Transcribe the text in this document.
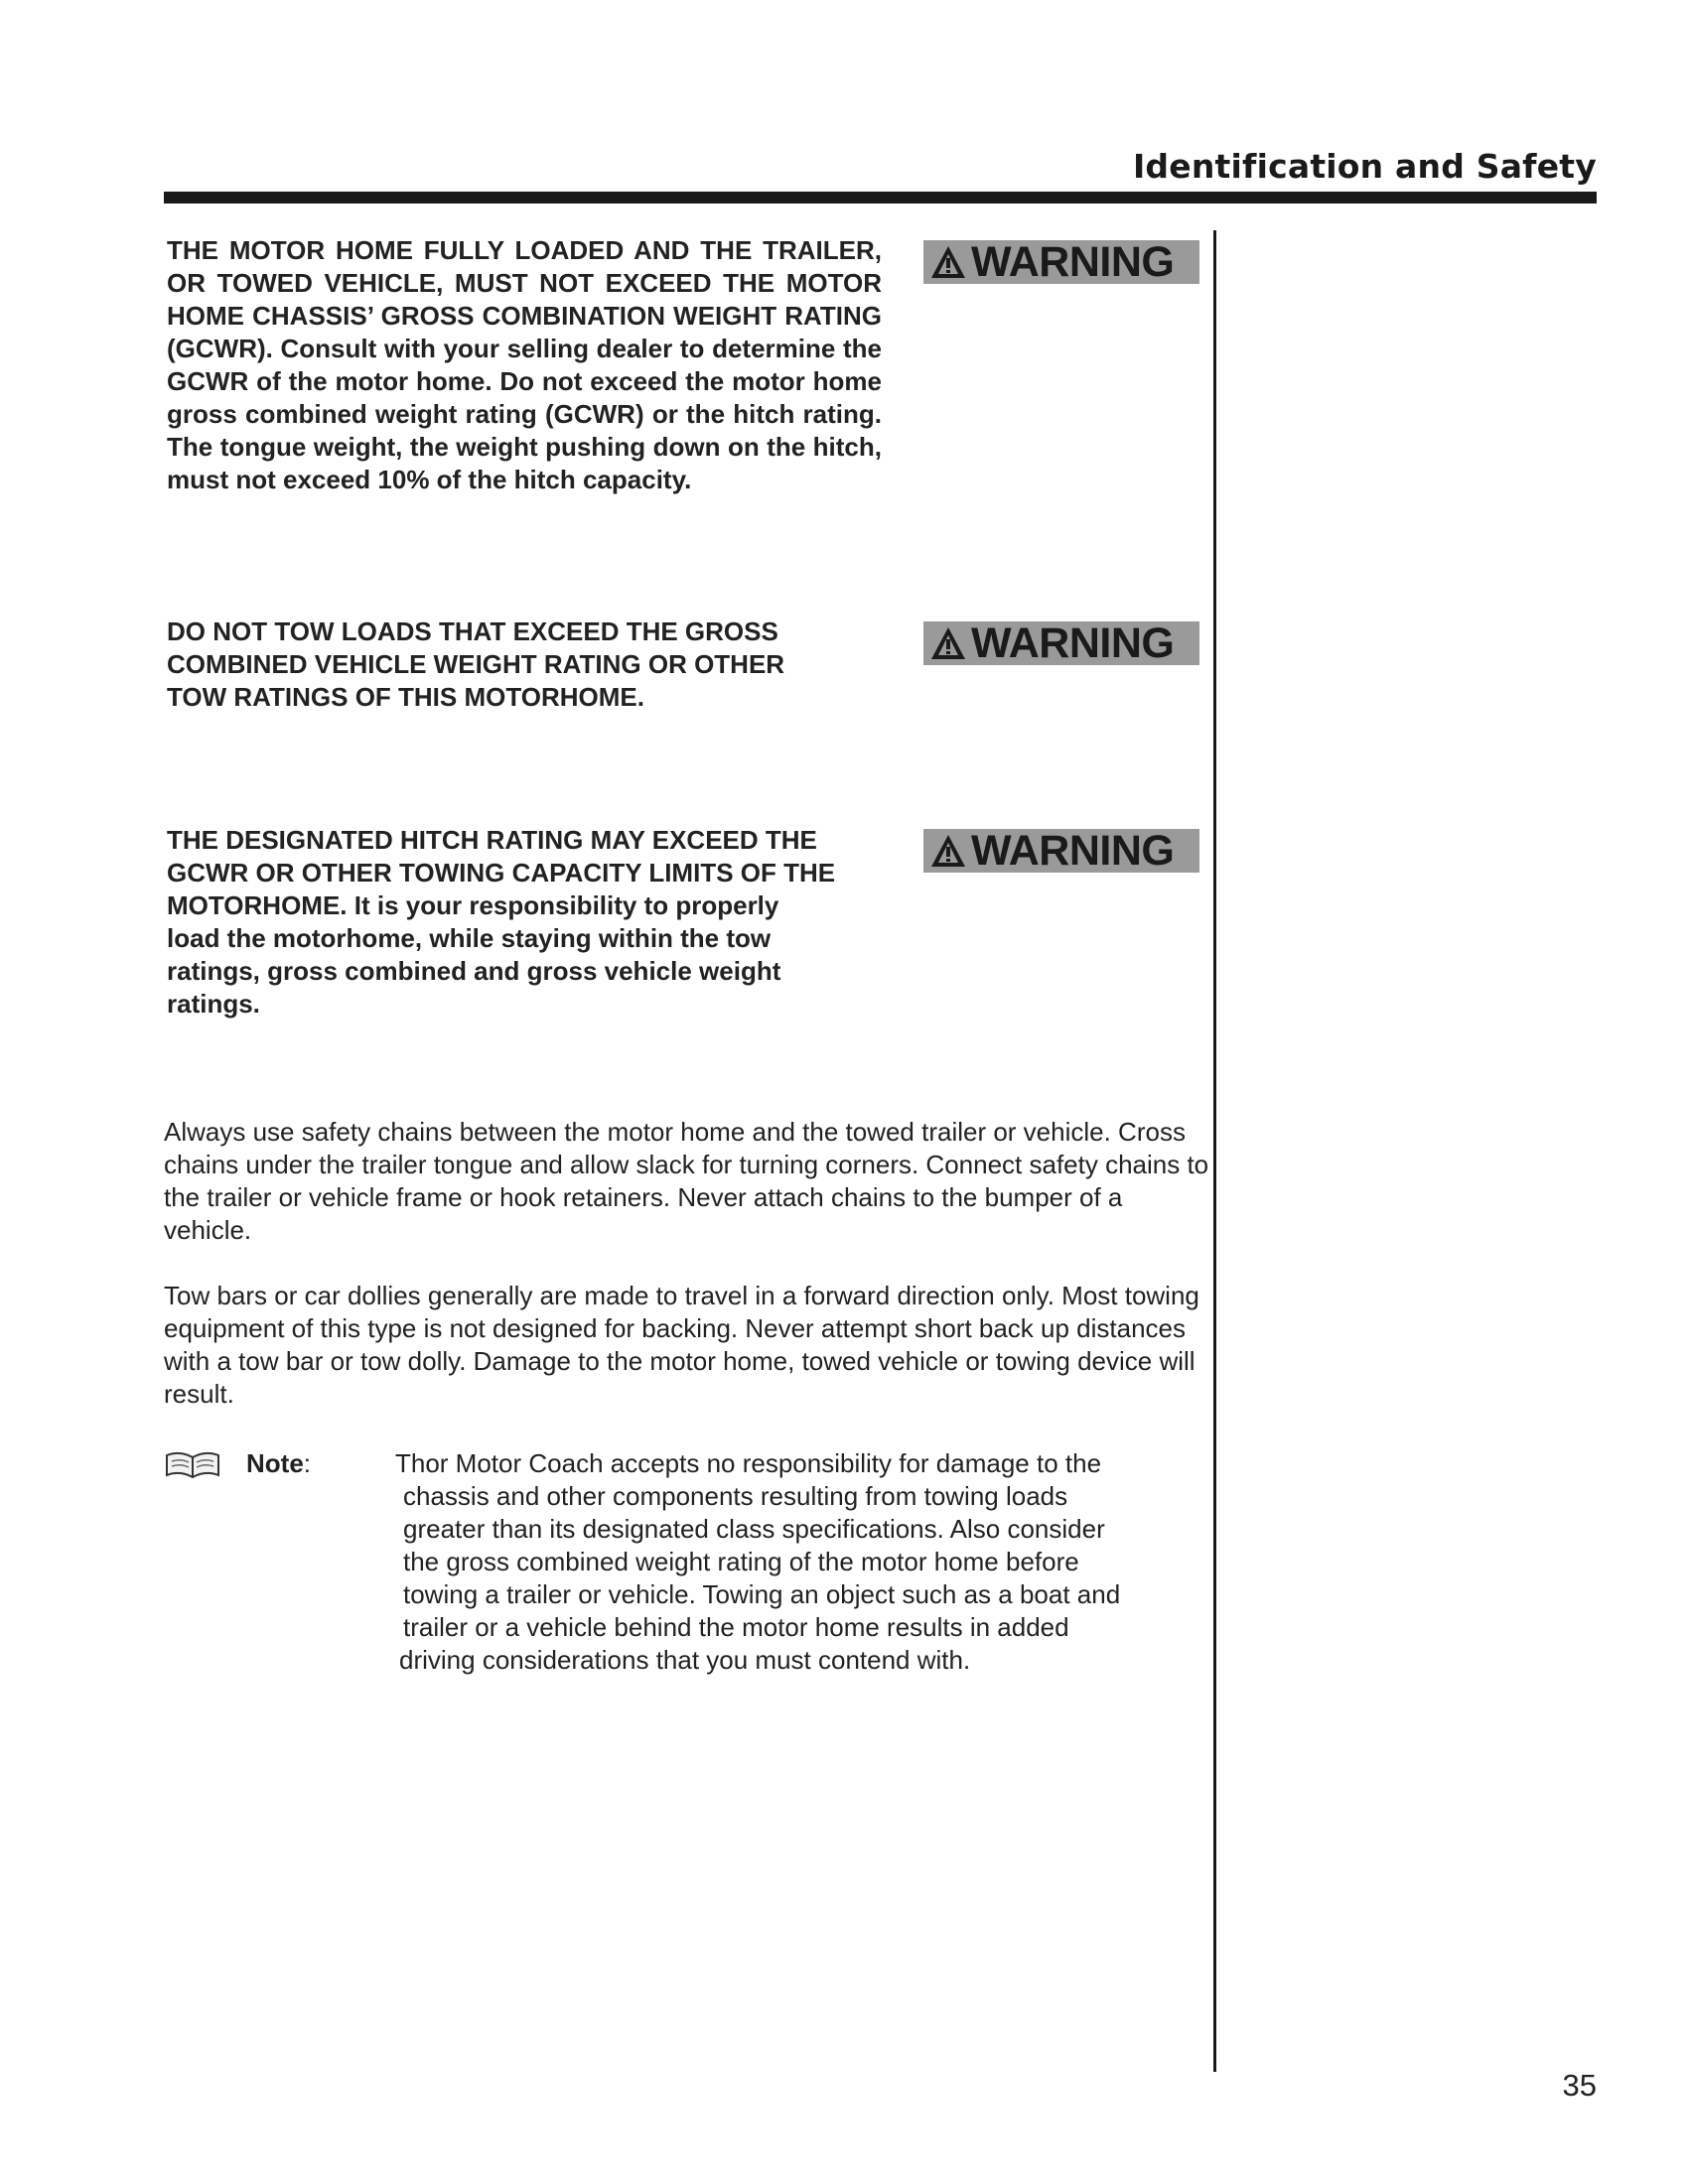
Identification and Safety
THE MOTOR HOME FULLY LOADED AND THE TRAILER, OR TOWED VEHICLE, MUST NOT EXCEED THE MOTOR HOME CHASSIS’ GROSS COMBINATION WEIGHT RATING (GCWR). Consult with your selling dealer to determine the GCWR of the motor home. Do not exceed the motor home gross combined weight rating (GCWR) or the hitch rating. The tongue weight, the weight pushing down on the hitch, must not exceed 10% of the hitch capacity.
WARNING
DO NOT TOW LOADS THAT EXCEED THE GROSS
COMBINED VEHICLE WEIGHT RATING OR OTHER
TOW RATINGS OF THIS MOTORHOME.
WARNING
THE DESIGNATED HITCH RATING MAY EXCEED THE
GCWR OR OTHER TOWING CAPACITY LIMITS OF THE
MOTORHOME. It is your responsibility to properly
load the motorhome, while staying within the tow
ratings, gross combined and gross vehicle weight
ratings.
WARNING
Always use safety chains between the motor home and the towed trailer or vehicle. Cross chains under the trailer tongue and allow slack for turning corners. Connect safety chains to the trailer or vehicle frame or hook retainers. Never attach chains to the bumper of a vehicle.
Tow bars or car dollies generally are made to travel in a forward direction only. Most towing equipment of this type is not designed for backing. Never attempt short back up distances with a tow bar or tow dolly. Damage to the motor home, towed vehicle or towing device will result.
Note:	Thor Motor Coach accepts no responsibility for damage to the
chassis and other components resulting from towing loads
greater than its designated class specifications. Also consider
the gross combined weight rating of the motor home before
towing a trailer or vehicle. Towing an object such as a boat and
trailer or a vehicle behind the motor home results in added
driving considerations that you must contend with.
35
